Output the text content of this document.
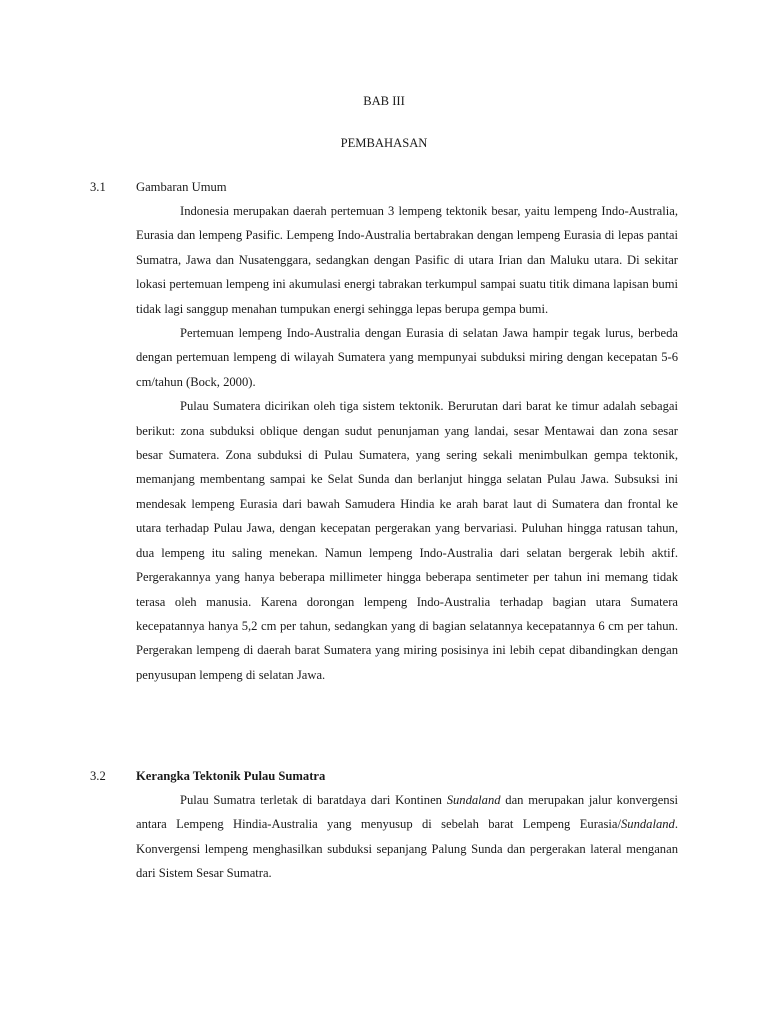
BAB III
PEMBAHASAN
3.1 Gambaran Umum

Indonesia merupakan daerah pertemuan 3 lempeng tektonik besar, yaitu lempeng Indo-Australia, Eurasia dan lempeng Pasific. Lempeng Indo-Australia bertabrakan dengan lempeng Eurasia di lepas pantai Sumatra, Jawa dan Nusatenggara, sedangkan dengan Pasific di utara Irian dan Maluku utara. Di sekitar lokasi pertemuan lempeng ini akumulasi energi tabrakan terkumpul sampai suatu titik dimana lapisan bumi tidak lagi sanggup menahan tumpukan energi sehingga lepas berupa gempa bumi.

Pertemuan lempeng Indo-Australia dengan Eurasia di selatan Jawa hampir tegak lurus, berbeda dengan pertemuan lempeng di wilayah Sumatera yang mempunyai subduksi miring dengan kecepatan 5-6 cm/tahun (Bock, 2000).

Pulau Sumatera dicirikan oleh tiga sistem tektonik. Berurutan dari barat ke timur adalah sebagai berikut: zona subduksi oblique dengan sudut penunjaman yang landai, sesar Mentawai dan zona sesar besar Sumatera. Zona subduksi di Pulau Sumatera, yang sering sekali menimbulkan gempa tektonik, memanjang membentang sampai ke Selat Sunda dan berlanjut hingga selatan Pulau Jawa. Subsuksi ini mendesak lempeng Eurasia dari bawah Samudera Hindia ke arah barat laut di Sumatera dan frontal ke utara terhadap Pulau Jawa, dengan kecepatan pergerakan yang bervariasi. Puluhan hingga ratusan tahun, dua lempeng itu saling menekan. Namun lempeng Indo-Australia dari selatan bergerak lebih aktif. Pergerakannya yang hanya beberapa millimeter hingga beberapa sentimeter per tahun ini memang tidak terasa oleh manusia. Karena dorongan lempeng Indo-Australia terhadap bagian utara Sumatera kecepatannya hanya 5,2 cm per tahun, sedangkan yang di bagian selatannya kecepatannya 6 cm per tahun. Pergerakan lempeng di daerah barat Sumatera yang miring posisinya ini lebih cepat dibandingkan dengan penyusupan lempeng di selatan Jawa.

3.2 Kerangka Tektonik Pulau Sumatra

Pulau Sumatra terletak di baratdaya dari Kontinen Sundaland dan merupakan jalur konvergensi antara Lempeng Hindia-Australia yang menyusup di sebelah barat Lempeng Eurasia/Sundaland. Konvergensi lempeng menghasilkan subduksi sepanjang Palung Sunda dan pergerakan lateral menganan dari Sistem Sesar Sumatra.
